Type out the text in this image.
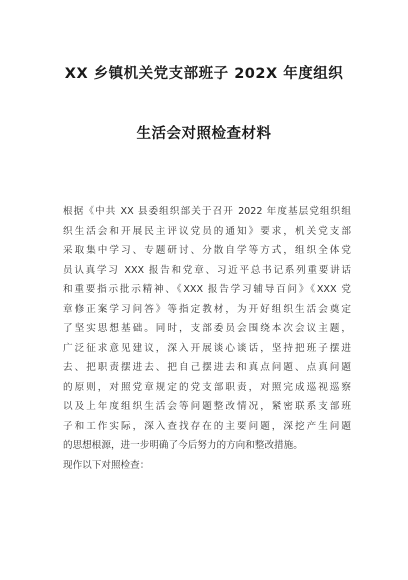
XX 乡镇机关党支部班子 202X 年度组织
生活会对照检查材料
根据《中共 XX 县委组织部关于召开 2022 年度基层党组织组
织生活会和开展民主评议党员的通知》要求，机关党支部
采取集中学习、专题研讨、分散自学等方式，组织全体党
员认真学习 XXX 报告和党章、习近平总书记系列重要讲话
和重要指示批示精神、《XXX 报告学习辅导百问》《XXX 党
章修正案学习问答》等指定教材，为开好组织生活会奠定
了坚实思想基础。同时，支部委员会围绕本次会议主题，
广泛征求意见建议，深入开展谈心谈话，坚持把班子摆进
去、把职责摆进去、把自己摆进去和真点问题、点真问题
的原则，对照党章规定的党支部职责，对照完成巡视巡察
以及上年度组织生活会等问题整改情况，紧密联系支部班
子和工作实际，深入查找存在的主要问题，深挖产生问题
的思想根源，进一步明确了今后努力的方向和整改措施。
现作以下对照检查：
